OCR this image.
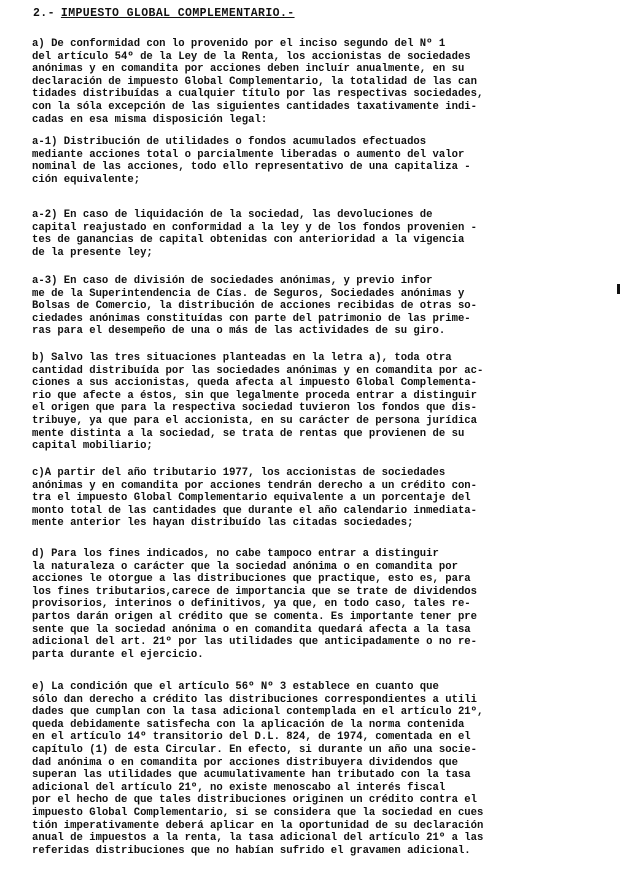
2.- IMPUESTO GLOBAL COMPLEMENTARIO.-
a) De conformidad con lo provenido por el inciso segundo del Nº 1
del artículo 54º de la Ley de la Renta, los accionistas de sociedades
anónimas y en comandita por acciones deben incluír anualmente, en su
declaración de impuesto Global Complementario, la totalidad de las can
tidades distribuídas a cualquier título por las respectivas sociedades,
con la sóla excepción de las siguientes cantidades taxativamente indi-
cadas en esa misma disposición legal:
a-1) Distribución de utilidades o fondos acumulados efectuados
mediante acciones total o parcialmente liberadas o aumento del valor
nominal de las acciones, todo ello representativo de una capitaliza -
ción equivalente;
a-2) En caso de liquidación de la sociedad, las devoluciones de
capital reajustado en conformidad a la ley y de los fondos provenien -
tes de ganancias de capital obtenidas con anterioridad a la vigencia
de la presente ley;
a-3) En caso de división de sociedades anónimas, y previo infor
me de la Superintendencia de Cías. de Seguros, Sociedades anónimas y
Bolsas de Comercio, la distribución de acciones recibidas de otras so-
ciedades anónimas constituídas con parte del patrimonio de las prime-
ras para el desempeño de una o más de las actividades de su giro.
b) Salvo las tres situaciones planteadas en la letra a), toda otra
cantidad distribuída por las sociedades anónimas y en comandita por ac-
ciones a sus accionistas, queda afecta al impuesto Global Complementa-
rio que afecte a éstos, sin que legalmente proceda entrar a distinguir
el origen que para la respectiva sociedad tuvieron los fondos que dis-
tribuye, ya que para el accionista, en su carácter de persona jurídica
mente distinta a la sociedad, se trata de rentas que provienen de su
capital mobiliario;
c)A partir del año tributario 1977, los accionistas de sociedades
anónimas y en comandita por acciones tendrán derecho a un crédito con-
tra el impuesto Global Complementario equivalente a un porcentaje del
monto total de las cantidades que durante el año calendario inmediata-
mente anterior les hayan distribuído las citadas sociedades;
d) Para los fines indicados, no cabe tampoco entrar a distinguir
la naturaleza o carácter que la sociedad anónima o en comandita por
acciones le otorgue a las distribuciones que practique, esto es, para
los fines tributarios,carece de importancia que se trate de dividendos
provisorios, interinos o definitivos, ya que, en todo caso, tales re-
partos darán origen al crédito que se comenta. Es importante tener pre
sente que la sociedad anónima o en comandita quedará afecta a la tasa
adicional del art. 21º por las utilidades que anticipadamente o no re-
parta durante el ejercicio.
e) La condición que el artículo 56º Nº 3 establece en cuanto que
sólo dan derecho a crédito las distribuciones correspondientes a utili
dades que cumplan con la tasa adicional contemplada en el artículo 21º,
queda debidamente satisfecha con la aplicación de la norma contenida
en el artículo 14º transitorio del D.L. 824, de 1974, comentada en el
capítulo (1) de esta Circular. En efecto, si durante un año una socie-
dad anónima o en comandita por acciones distribuyera dividendos que
superan las utilidades que acumulativamente han tributado con la tasa
adicional del artículo 21º, no existe menoscabo al interés fiscal
por el hecho de que tales distribuciones originen un crédito contra el
impuesto Global Complementario, si se considera que la sociedad en cues
tión imperativamente deberá aplicar en la oportunidad de su declaración
anual de impuestos a la renta, la tasa adicional del artículo 21º a las
referidas distribuciones que no habían sufrido el gravamen adicional.
